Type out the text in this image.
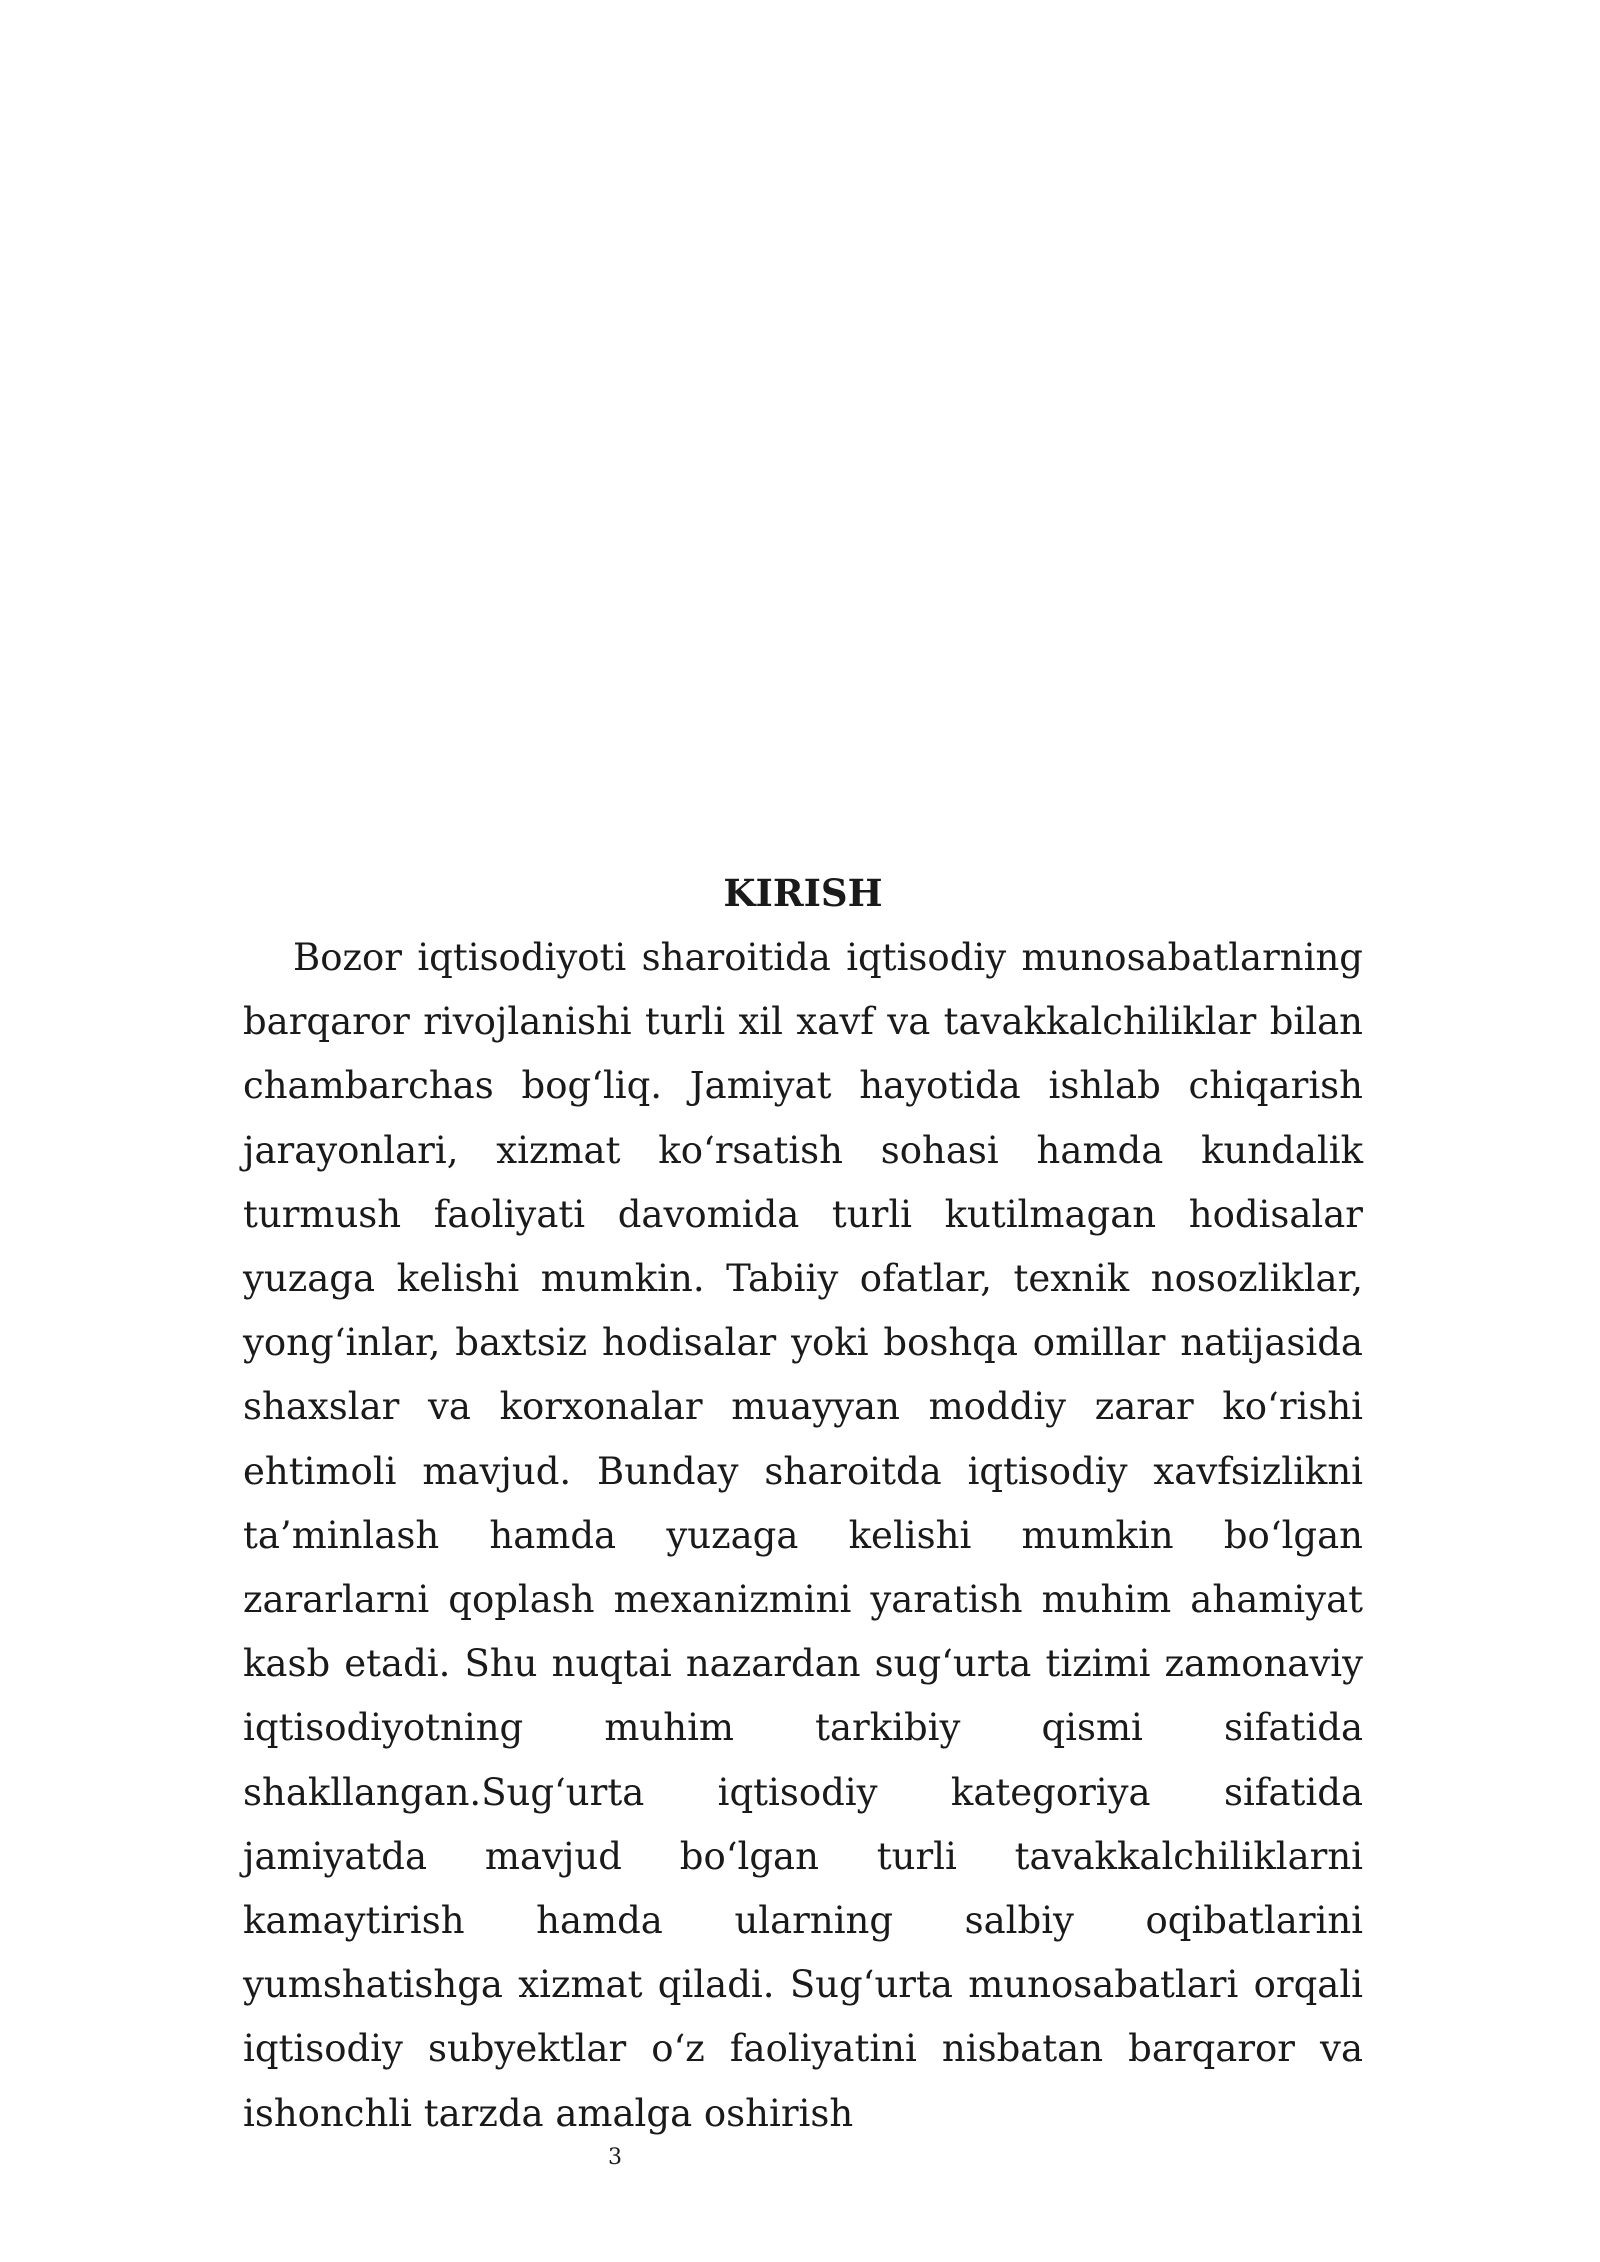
KIRISH

Bozor iqtisodiyoti sharoitida iqtisodiy munosabatlarning barqaror rivojlanishi turli xil xavf va tavakkalchiliklar bilan chambarchas bog‘liq. Jamiyat hayotida ishlab chiqarish jarayonlari, xizmat ko‘rsatish sohasi hamda kundalik turmush faoliyati davomida turli kutilmagan hodisalar yuzaga kelishi mumkin. Tabiiy ofatlar, texnik nosozliklar, yong‘inlar, baxtsiz hodisalar yoki boshqa omillar natijasida shaxslar va korxonalar muayyan moddiy zarar ko‘rishi ehtimoli mavjud. Bunday sharoitda iqtisodiy xavfsizlikni ta’minlash hamda yuzaga kelishi mumkin bo‘lgan zararlarni qoplash mexanizmini yaratish muhim ahamiyat kasb etadi. Shu nuqtai nazardan sug‘urta tizimi zamonaviy iqtisodiyotning muhim tarkibiy qismi sifatida shakllangan.Sug‘urta iqtisodiy kategoriya sifatida jamiyatda mavjud bo‘lgan turli tavakkalchiliklarni kamaytirish hamda ularning salbiy oqibatlarini yumshatishga xizmat qiladi. Sug‘urta munosabatlari orqali iqtisodiy subyektlar o‘z faoliyatini nisbatan barqaror va ishonchli tarzda amalga oshirish

3
